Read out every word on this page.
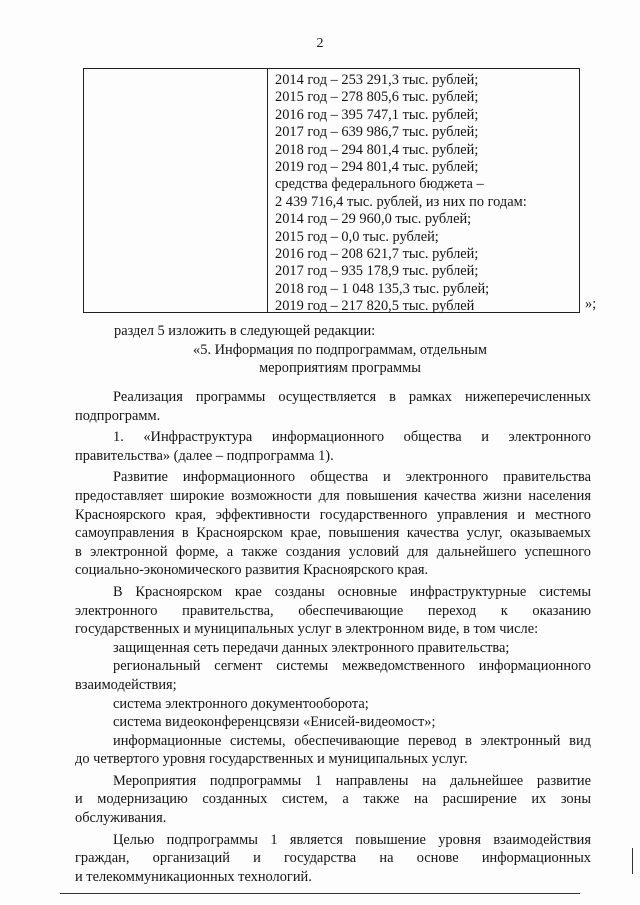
2
2014 год – 253 291,3 тыс. рублей;
2015 год – 278 805,6 тыс. рублей;
2016 год – 395 747,1 тыс. рублей;
2017 год – 639 986,7 тыс. рублей;
2018 год – 294 801,4 тыс. рублей;
2019 год – 294 801,4 тыс. рублей;
средства федерального бюджета –
2 439 716,4 тыс. рублей, из них по годам:
2014 год – 29 960,0 тыс. рублей;
2015 год – 0,0 тыс. рублей;
2016 год – 208 621,7 тыс. рублей;
2017 год – 935 178,9 тыс. рублей;
2018 год – 1 048 135,3 тыс. рублей;
2019 год – 217 820,5 тыс. рублей	»;
раздел 5 изложить в следующей редакции:
«5. Информация по подпрограммам, отдельным
мероприятиям программы
Реализация программы осуществляется в рамках нижеперечисленных
подпрограмм.
1. «Инфраструктура информационного общества и электронного
правительства» (далее – подпрограмма 1).
Развитие информационного общества и электронного правительства
предоставляет широкие возможности для повышения качества жизни населения
Красноярского края, эффективности государственного управления и местного
самоуправления в Красноярском крае, повышения качества услуг, оказываемых
в электронной форме, а также создания условий для дальнейшего успешного
социально-экономического развития Красноярского края.
В Красноярском крае созданы основные инфраструктурные системы
электронного правительства, обеспечивающие переход к оказанию
государственных и муниципальных услуг в электронном виде, в том числе:
защищенная сеть передачи данных электронного правительства;
региональный сегмент системы межведомственного информационного
взаимодействия;
система электронного документооборота;
система видеоконференцсвязи «Енисей-видеомост»;
информационные системы, обеспечивающие перевод в электронный вид
до четвертого уровня государственных и муниципальных услуг.
Мероприятия подпрограммы 1 направлены на дальнейшее развитие
и модернизацию созданных систем, а также на расширение их зоны
обслуживания.
Целью подпрограммы 1 является повышение уровня взаимодействия
граждан, организаций и государства на основе информационных
и телекоммуникационных технологий.
